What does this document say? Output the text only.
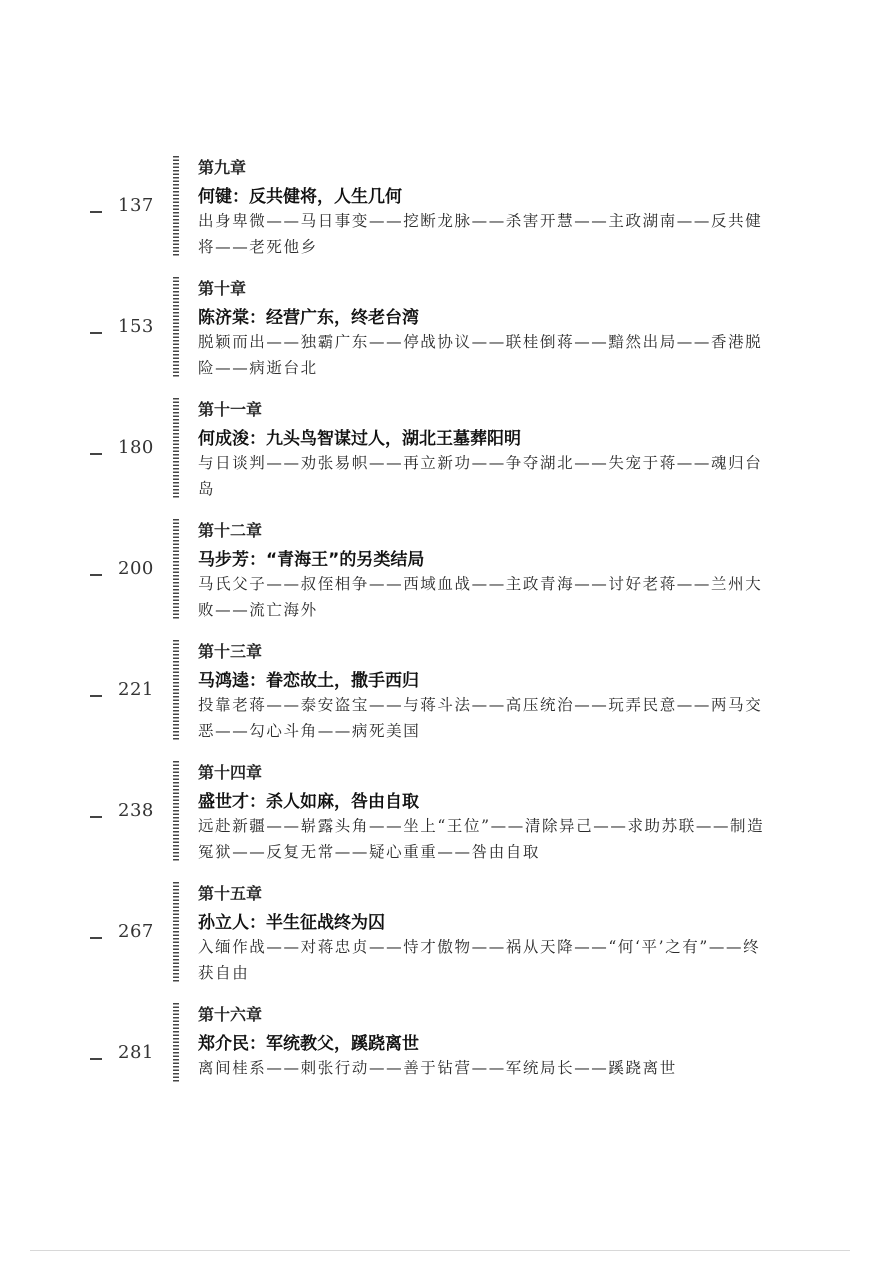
137
第九章
何键：反共健将，人生几何
出身卑微——马日事变——挖断龙脉——杀害开慧——主政湖南——反共健将——老死他乡
153
第十章
陈济棠：经营广东，终老台湾
脱颖而出——独霸广东——停战协议——联桂倒蒋——黯然出局——香港脱险——病逝台北
180
第十一章
何成浚：九头鸟智谋过人，湖北王墓葬阳明
与日谈判——劝张易帜——再立新功——争夺湖北——失宠于蒋——魂归台岛
200
第十二章
马步芳：“青海王”的另类结局
马氏父子——叔侄相争——西域血战——主政青海——讨好老蒋——兰州大败——流亡海外
221
第十三章
马鸿逵：眷恋故土，撒手西归
投靠老蒋——泰安盗宝——与蒋斗法——高压统治——玩弄民意——两马交恶——勾心斗角——病死美国
238
第十四章
盛世才：杀人如麻，咎由自取
远赴新疆——崭露头角——坐上“王位”——清除异己——求助苏联——制造冤狱——反复无常——疑心重重——咎由自取
267
第十五章
孙立人：半生征战终为囚
入缅作战——对蒋忠贞——恃才傲物——祸从天降——“何‘平’之有”——终获自由
281
第十六章
郑介民：军统教父，蹊跷离世
离间桂系——刺张行动——善于钻营——军统局长——蹊跷离世
